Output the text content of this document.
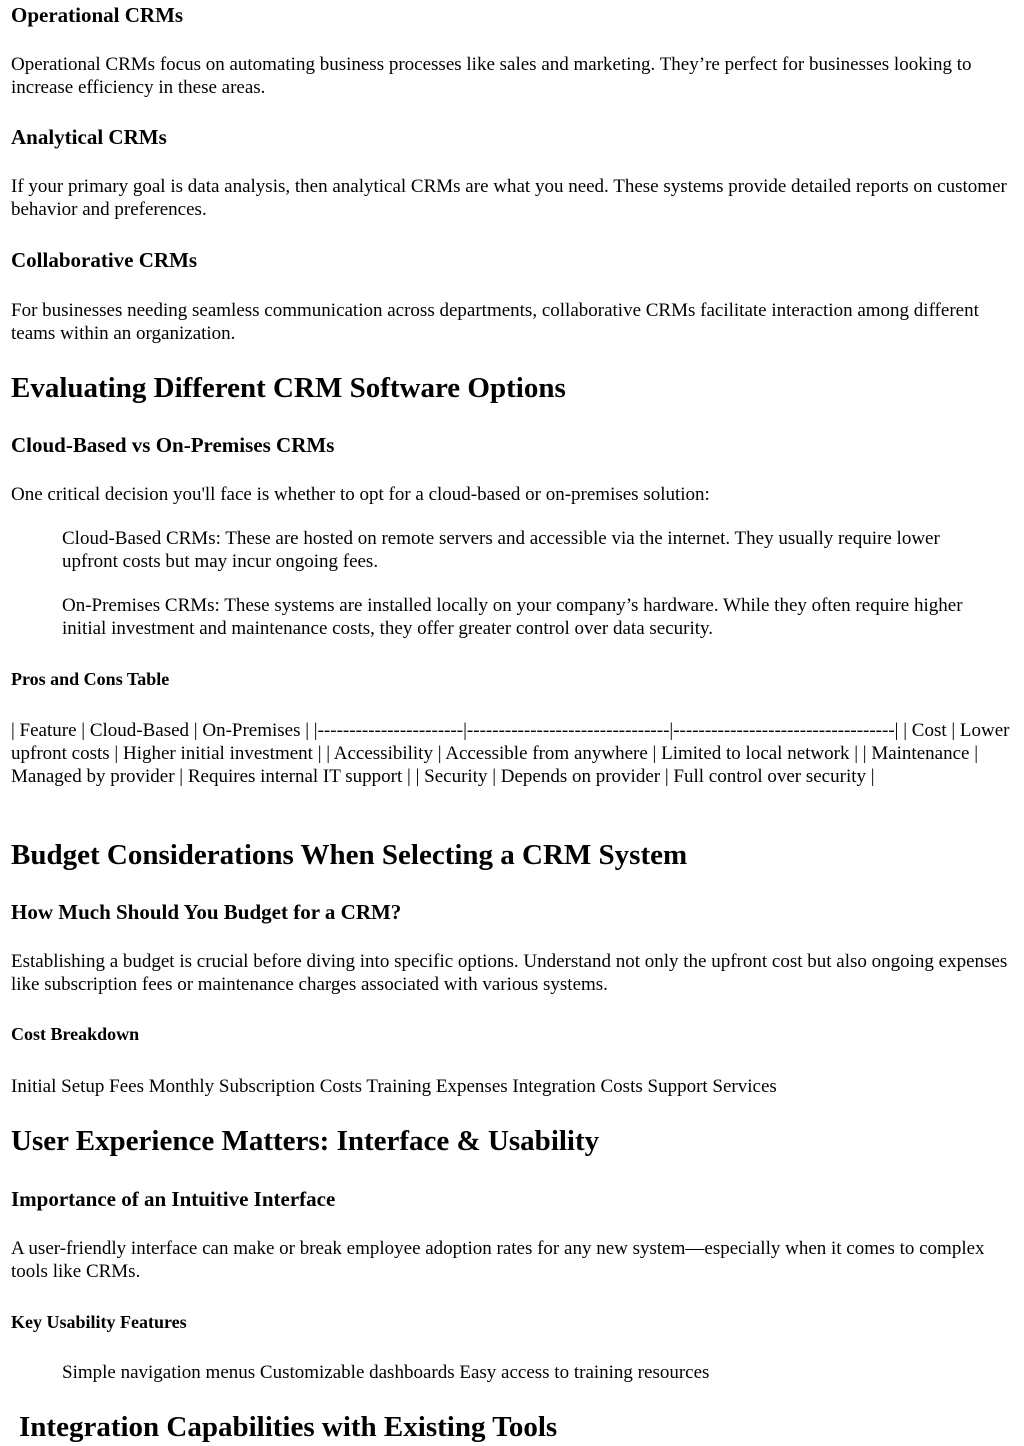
Operational CRMs

Operational CRMs focus on automating business processes like sales and marketing. They’re perfect for businesses looking to increase efficiency in these areas.

Analytical CRMs

If your primary goal is data analysis, then analytical CRMs are what you need. These systems provide detailed reports on customer behavior and preferences.

Collaborative CRMs

For businesses needing seamless communication across departments, collaborative CRMs facilitate interaction among different teams within an organization.

Evaluating Different CRM Software Options
Cloud-Based vs On-Premises CRMs

One critical decision you'll face is whether to opt for a cloud-based or on-premises solution:

Cloud-Based CRMs: These are hosted on remote servers and accessible via the internet. They usually require lower upfront costs but may incur ongoing fees.

On-Premises CRMs: These systems are installed locally on your company’s hardware. While they often require higher initial investment and maintenance costs, they offer greater control over data security.

Pros and Cons Table

| Feature | Cloud-Based | On-Premises | |-----------------------|--------------------------------|-----------------------------------| | Cost | Lower upfront costs | Higher initial investment | | Accessibility | Accessible from anywhere | Limited to local network | | Maintenance | Managed by provider | Requires internal IT support | | Security | Depends on provider | Full control over security |

Budget Considerations When Selecting a CRM System
How Much Should You Budget for a CRM?

Establishing a budget is crucial before diving into specific options. Understand not only the upfront cost but also ongoing expenses like subscription fees or maintenance charges associated with various systems.

Cost Breakdown

Initial Setup Fees Monthly Subscription Costs Training Expenses Integration Costs Support Services

User Experience Matters: Interface & Usability
Importance of an Intuitive Interface

A user-friendly interface can make or break employee adoption rates for any new system—especially when it comes to complex tools like CRMs.

Key Usability Features

Simple navigation menus Customizable dashboards Easy access to training resources

Integration Capabilities with Existing Tools
